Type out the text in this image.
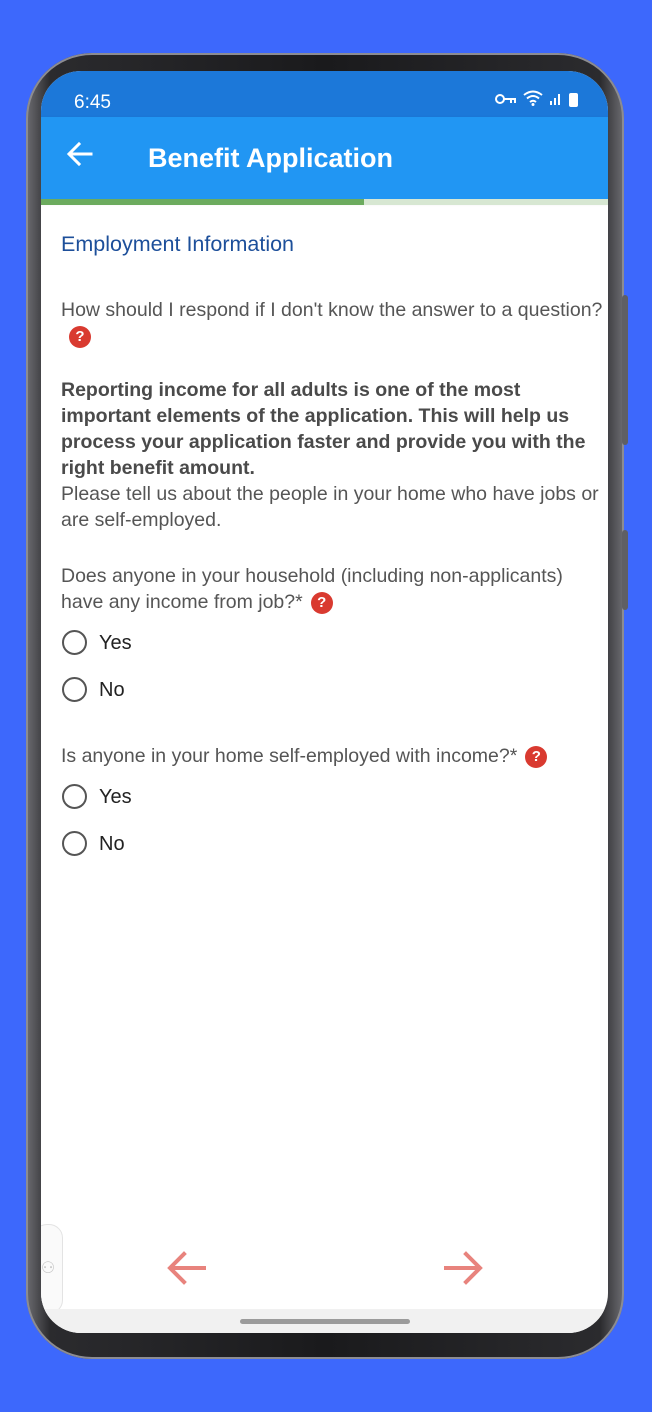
6:45
Benefit Application
Employment Information
How should I respond if I don't know the answer to a question??
Reporting income for all adults is one of the most important elements of the application. This will help us process your application faster and provide you with the right benefit amount.
Please tell us about the people in your home who have jobs or are self-employed.
Does anyone in your household (including non-applicants) have any income from job?* ?
Yes
No
Is anyone in your home self-employed with income?* ?
Yes
No
⚇
